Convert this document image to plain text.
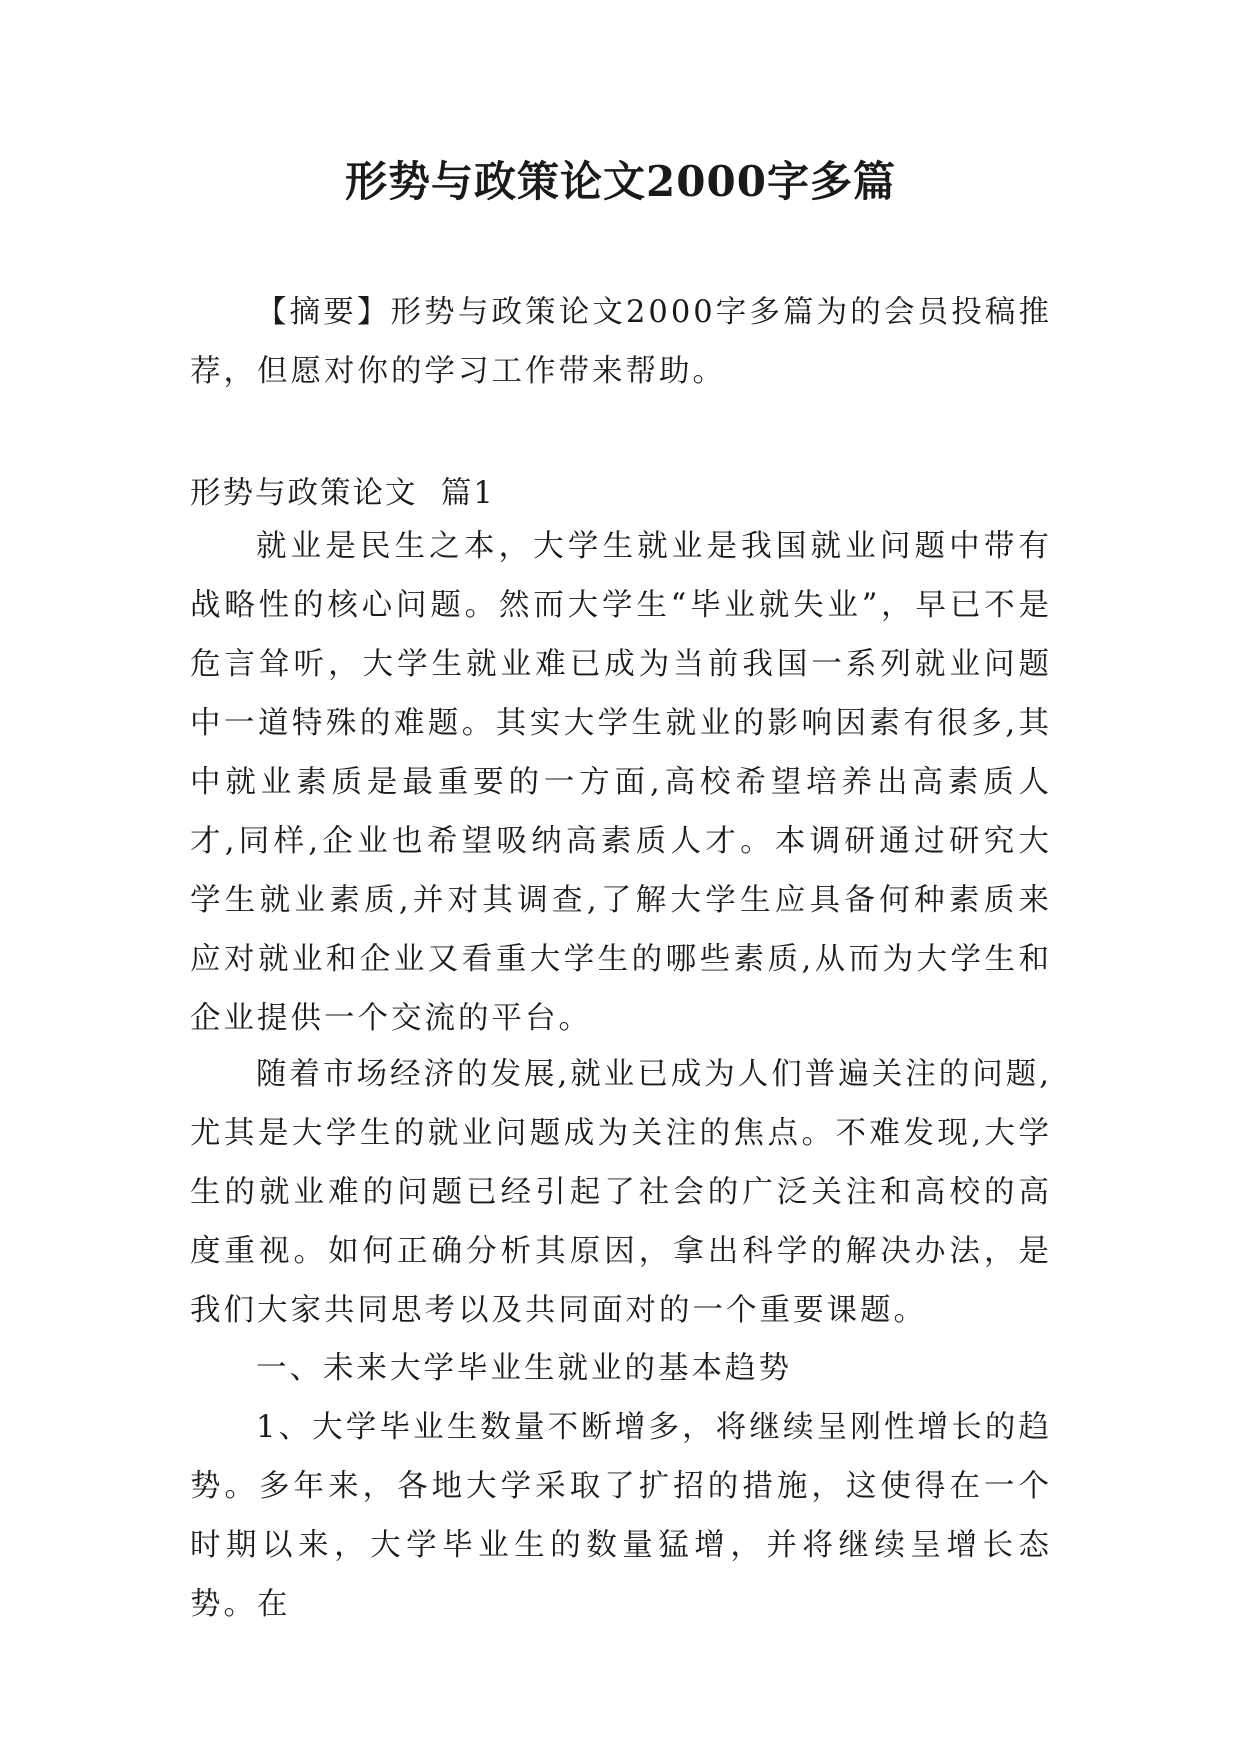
形势与政策论文2000字多篇

【摘要】形势与政策论文2000字多篇为的会员投稿推荐，但愿对你的学习工作带来帮助。

形势与政策论文  篇1

就业是民生之本，大学生就业是我国就业问题中带有战略性的核心问题。然而大学生“毕业就失业”，早已不是危言耸听，大学生就业难已成为当前我国一系列就业问题中一道特殊的难题。其实大学生就业的影响因素有很多,其中就业素质是最重要的一方面,高校希望培养出高素质人才,同样,企业也希望吸纳高素质人才。本调研通过研究大学生就业素质,并对其调查,了解大学生应具备何种素质来应对就业和企业又看重大学生的哪些素质,从而为大学生和企业提供一个交流的平台。

随着市场经济的发展,就业已成为人们普遍关注的问题,尤其是大学生的就业问题成为关注的焦点。不难发现,大学生的就业难的问题已经引起了社会的广泛关注和高校的高度重视。如何正确分析其原因，拿出科学的解决办法，是我们大家共同思考以及共同面对的一个重要课题。

一、未来大学毕业生就业的基本趋势

1、大学毕业生数量不断增多，将继续呈刚性增长的趋势。多年来，各地大学采取了扩招的措施，这使得在一个时期以来，大学毕业生的数量猛增，并将继续呈增长态势。在
